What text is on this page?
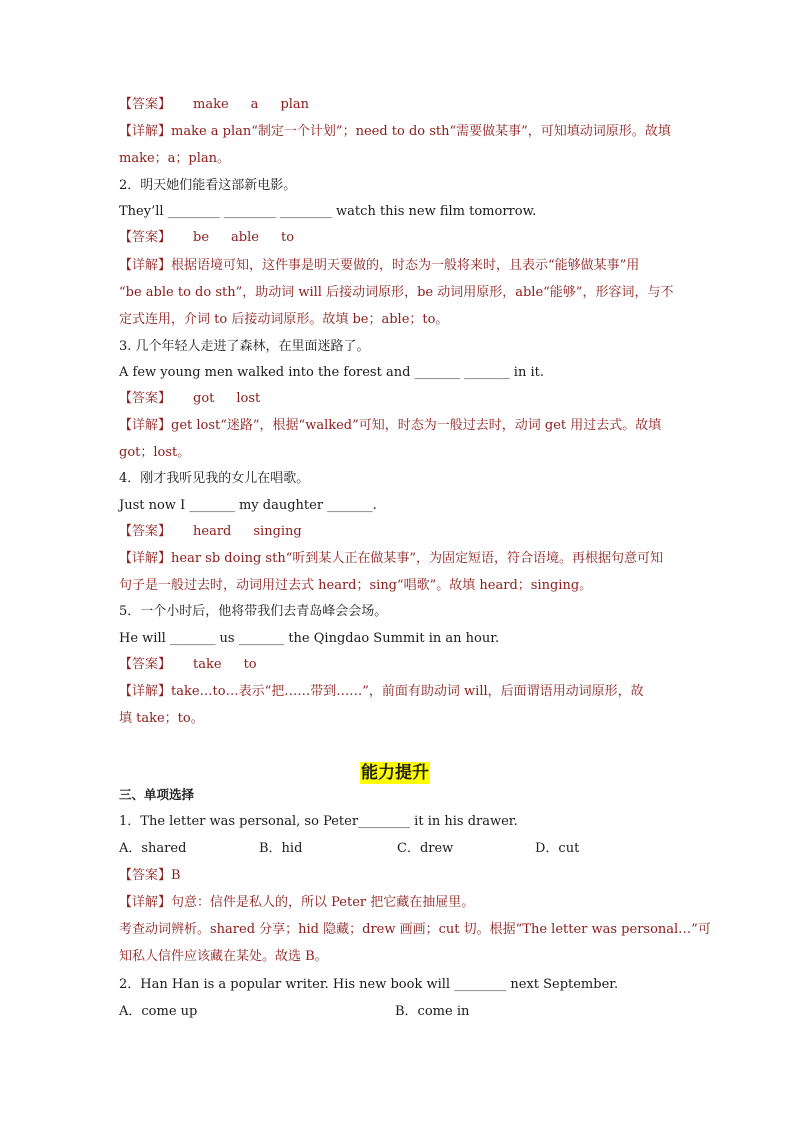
【答案】 make a plan
【详解】make a plan“制定一个计划”；need to do sth“需要做某事”，可知填动词原形。故填
make；a；plan。
2．明天她们能看这部新电影。
They’ll ________ ________ ________ watch this new film tomorrow.
【答案】 be able to
【详解】根据语境可知，这件事是明天要做的，时态为一般将来时，且表示“能够做某事”用
“be able to do sth”，助动词 will 后接动词原形，be 动词用原形，able“能够”，形容词，与不
定式连用，介词 to 后接动词原形。故填 be；able；to。
3. 几个年轻人走进了森林，在里面迷路了。
A few young men walked into the forest and _______ _______ in it.
【答案】 got lost
【详解】get lost“迷路”，根据“walked”可知，时态为一般过去时，动词 get 用过去式。故填
got；lost。
4．刚才我听见我的女儿在唱歌。
Just now I _______ my daughter _______.
【答案】 heard singing
【详解】hear sb doing sth“听到某人正在做某事”，为固定短语，符合语境。再根据句意可知
句子是一般过去时，动词用过去式 heard；sing“唱歌”。故填 heard；singing。
5．一个小时后，他将带我们去青岛峰会会场。
He will _______ us _______ the Qingdao Summit in an hour.
【答案】 take to
【详解】take…to…表示“把……带到……”，前面有助动词 will，后面谓语用动词原形，故
填 take；to。
能力提升
三、单项选择
1．The letter was personal, so Peter________ it in his drawer.
A．shared	B．hid	C．drew	D．cut
【答案】B
【详解】句意：信件是私人的，所以 Peter 把它藏在抽屉里。
考查动词辨析。shared 分享；hid 隐藏；drew 画画；cut 切。根据“The letter was personal…”可
知私人信件应该藏在某处。故选 B。
2．Han Han is a popular writer. His new book will ________ next September.
A．come up	B．come in
